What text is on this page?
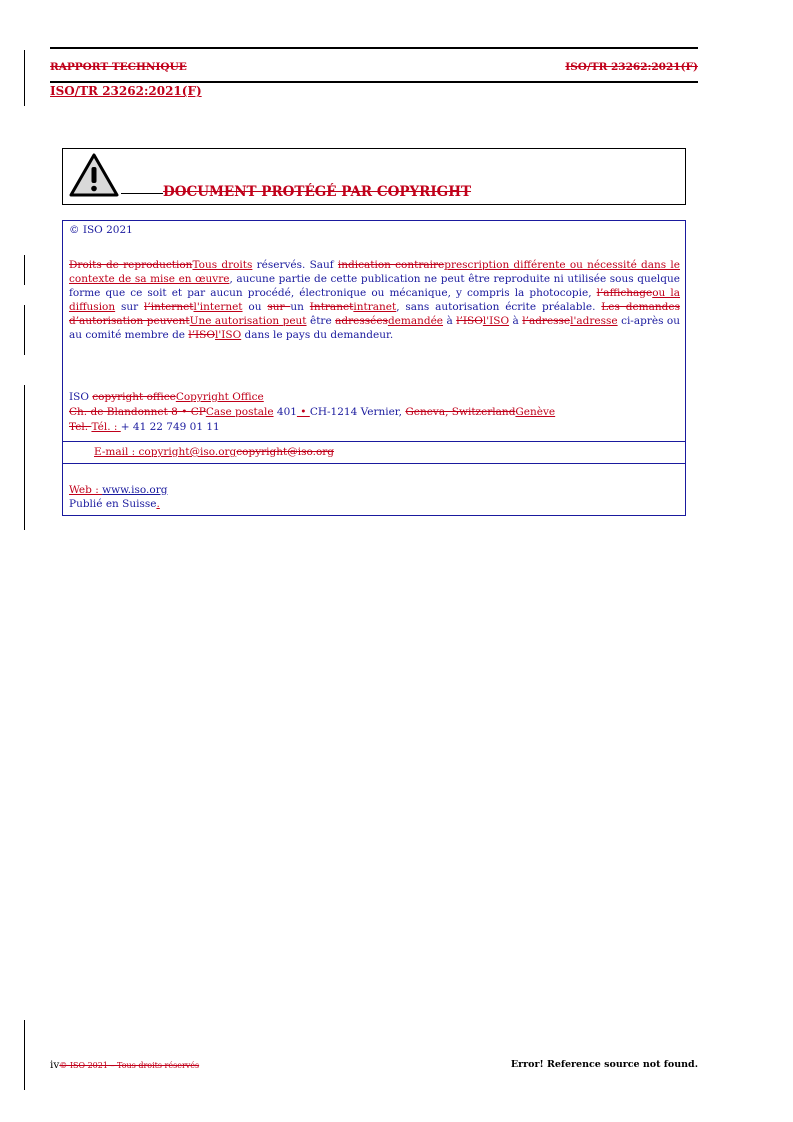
RAPPORT TECHNIQUE	ISO/TR 23262:2021(F)
ISO/TR 23262:2021(F)
DOCUMENT PROTÉGÉ PAR COPYRIGHT
© ISO 2021
Droits de reproductionTous droits réservés. Sauf indication contraireprescription différente ou nécessité dans le contexte de sa mise en œuvre, aucune partie de cette publication ne peut être reproduite ni utilisée sous quelque forme que ce soit et par aucun procédé, électronique ou mécanique, y compris la photocopie, l’affichageou la diffusion sur l’internetl'internet ou sur un Intranetintranet, sans autorisation écrite préalable. Les demandes d’autorisation peuventUne autorisation peut être adresséesdemandée à l’ISOl'ISO à l’adressel'adresse ci-après ou au comité membre de l’ISOl'ISO dans le pays du demandeur.
ISO copyright officeCopyright Office
Ch. de Blandonnet 8 • CPCase postale 401 • CH-1214 Vernier, Geneva, SwitzerlandGenève
Tel. Tél. : + 41 22 749 01 11
E-mail : copyright@iso.orgcopyright@iso.org
Web : www.iso.org
Publié en Suisse.
iv© ISO 2021 – Tous droits réservés	Error! Reference source not found.
